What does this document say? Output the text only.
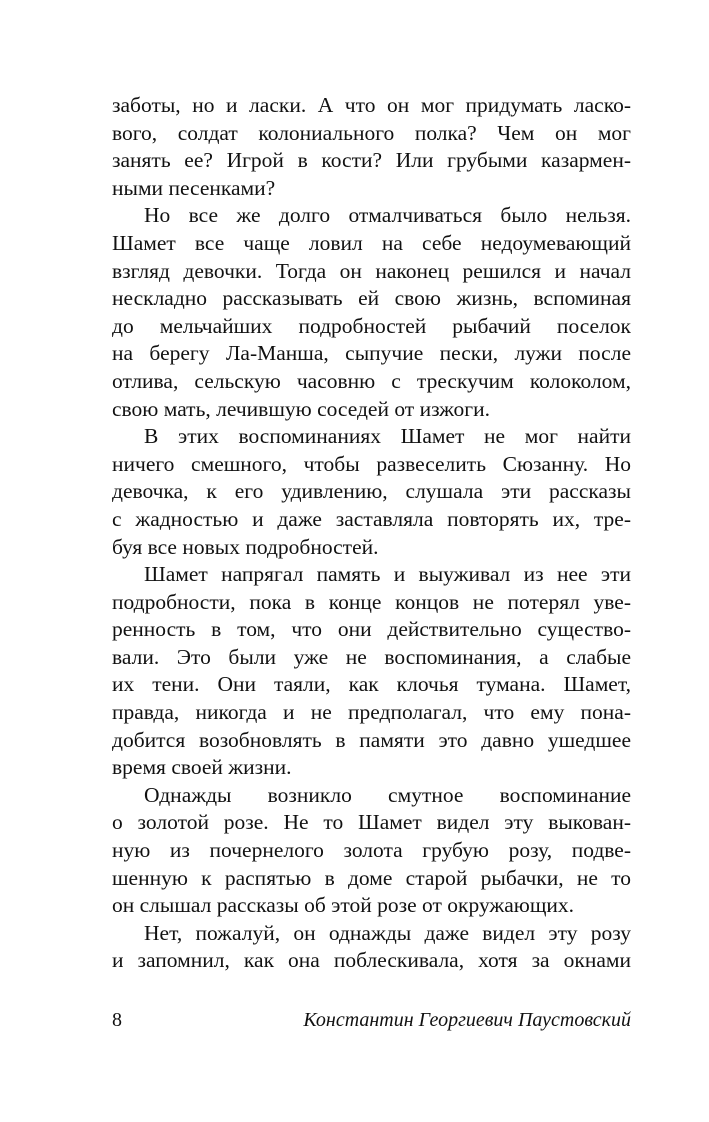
заботы, но и ласки. А что он мог придумать ласко-
вого, солдат колониального полка? Чем он мог
занять ее? Игрой в кости? Или грубыми казармен-
ными песенками?
Но все же долго отмалчиваться было нельзя.
Шамет все чаще ловил на себе недоумевающий
взгляд девочки. Тогда он наконец решился и начал
нескладно рассказывать ей свою жизнь, вспоминая
до мельчайших подробностей рыбачий поселок
на берегу Ла-Манша, сыпучие пески, лужи после
отлива, сельскую часовню с трескучим колоколом,
свою мать, лечившую соседей от изжоги.
В этих воспоминаниях Шамет не мог найти
ничего смешного, чтобы развеселить Сюзанну. Но
девочка, к его удивлению, слушала эти рассказы
с жадностью и даже заставляла повторять их, тре-
буя все новых подробностей.
Шамет напрягал память и выуживал из нее эти
подробности, пока в конце концов не потерял уве-
ренность в том, что они действительно существо-
вали. Это были уже не воспоминания, а слабые
их тени. Они таяли, как клочья тумана. Шамет,
правда, никогда и не предполагал, что ему пона-
добится возобновлять в памяти это давно ушедшее
время своей жизни.
Однажды возникло смутное воспоминание
о золотой розе. Не то Шамет видел эту выкован-
ную из почернелого золота грубую розу, подве-
шенную к распятью в доме старой рыбачки, не то
он слышал рассказы об этой розе от окружающих.
Нет, пожалуй, он однажды даже видел эту розу
и запомнил, как она поблескивала, хотя за окнами
8	Константин Георгиевич Паустовский
